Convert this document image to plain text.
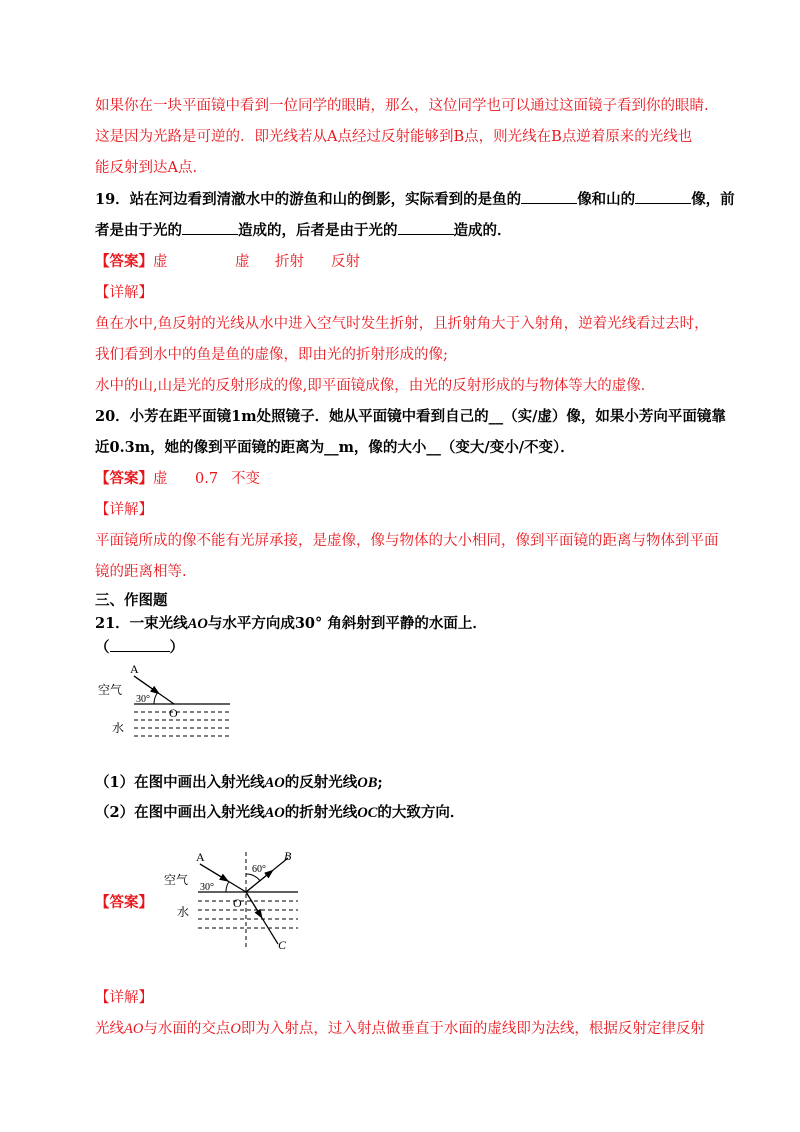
如果你在一块平面镜中看到一位同学的眼睛，那么，这位同学也可以通过这面镜子看到你的眼睛.
这是因为光路是可逆的．即光线若从A点经过反射能够到B点，则光线在B点逆着原来的光线也
能反射到达A点.
19．站在河边看到清澈水中的游鱼和山的倒影，实际看到的是鱼的	像和山的	像，前
者是由于光的	造成的，后者是由于光的	造成的．
【答案】虚	虚 折射 反射
【详解】
鱼在水中,鱼反射的光线从水中进入空气时发生折射，且折射角大于入射角，逆着光线看过去时，
我们看到水中的鱼是鱼的虚像，即由光的折射形成的像;
水中的山,山是光的反射形成的像,即平面镜成像，由光的反射形成的与物体等大的虚像．
20．小芳在距平面镜1m处照镜子．她从平面镜中看到自己的__（实/虚）像，如果小芳向平面镜靠
近0.3m，她的像到平面镜的距离为__m，像的大小__（变大/变小/不变）．
【答案】虚 0.7 不变
【详解】
平面镜所成的像不能有光屏承接，是虚像，像与物体的大小相同，像到平面镜的距离与物体到平面
镜的距离相等.
三、作图题
21．一束光线AO与水平方向成30° 角斜射到平静的水面上．
（	）
A
O
30°
空气
水
（1）在图中画出入射光线AO的反射光线OB;
（2）在图中画出入射光线AO的折射光线OC的大致方向．
【答案】
A	B
C
O
30°
60°
空气
水
【详解】
光线AO与水面的交点O即为入射点，过入射点做垂直于水面的虚线即为法线，根据反射定律反射
